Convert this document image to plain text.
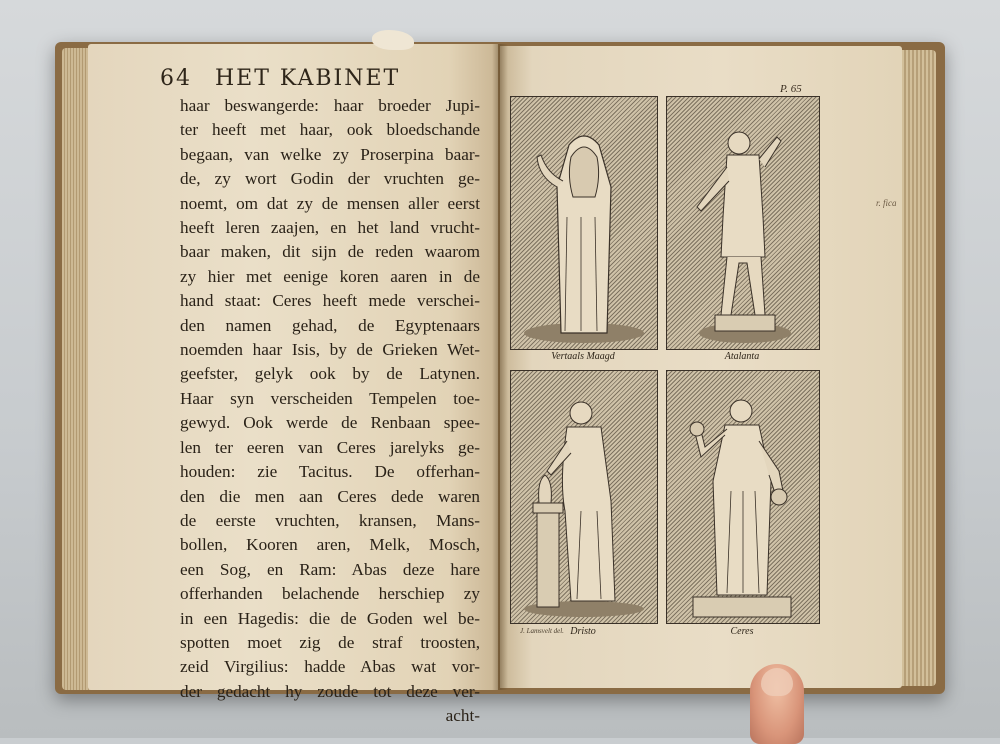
64 HET KABINET
haar beswangerde: haar broeder Jupi-
ter heeft met haar, ook bloedschande
begaan, van welke zy Proserpina baar-
de, zy wort Godin der vruchten ge-
noemt, om dat zy de mensen aller eerst
heeft leren zaajen, en het land vrucht-
baar maken, dit sijn de reden waarom
zy hier met eenige koren aaren in de
hand staat: Ceres heeft mede verschei-
den namen gehad, de Egyptenaars
noemden haar Isis, by de Grieken Wet-
geefster, gelyk ook by de Latynen.
Haar syn verscheiden Tempelen toe-
gewyd. Ook werde de Renbaan spee-
len ter eeren van Ceres jarelyks ge-
houden: zie Tacitus. De offerhan-
den die men aan Ceres dede waren
de eerste vruchten, kransen, Mans-
bollen, Kooren aren, Melk, Mosch,
een Sog, en Ram: Abas deze hare
offerhanden belachende herschiep zy
in een Hagedis: die de Goden wel be-
spotten moet zig de straf troosten,
zeid Virgilius: hadde Abas wat vor-
der gedacht hy zoude tot deze ver-
acht-
P. 65
r. fica
Vertaals Maagd	Atalanta
Dristo	Ceres
J. Lamsvelt del.
